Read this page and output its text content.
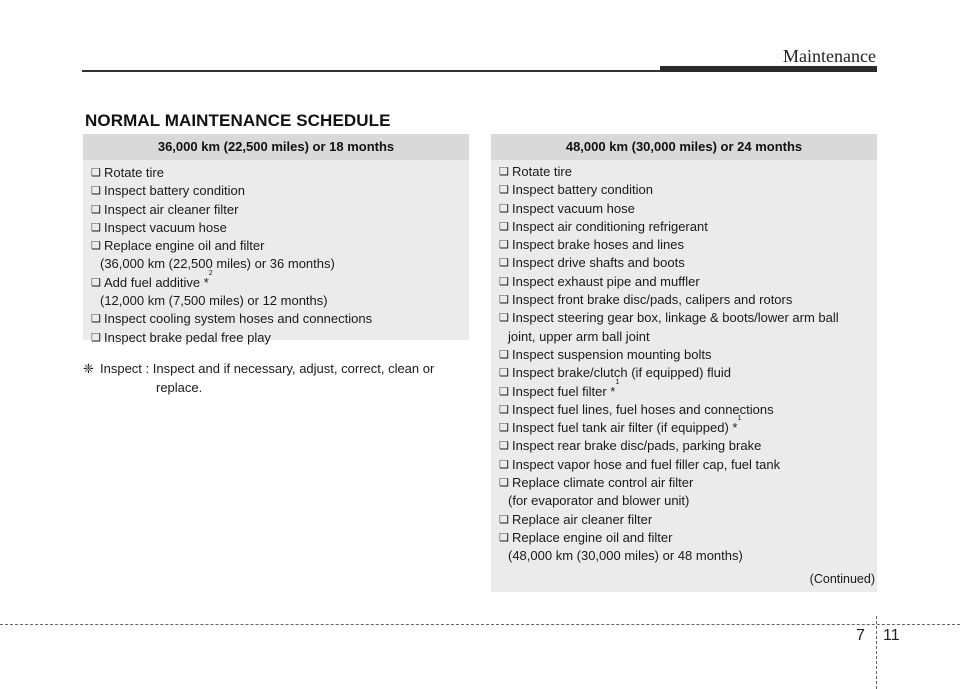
Maintenance
NORMAL MAINTENANCE SCHEDULE
36,000 km (22,500 miles) or 18 months
❑ Rotate tire
❑ Inspect battery condition
❑ Inspect air cleaner filter
❑ Inspect vacuum hose
❑ Replace engine oil and filter
(36,000 km (22,500 miles) or 36 months)
❑ Add fuel additive *
2
(12,000 km (7,500 miles) or 12 months)
❑ Inspect cooling system hoses and connections
❑ Inspect brake pedal free play
❈ Inspect : Inspect and if necessary, adjust, correct, clean or
replace.
48,000 km (30,000 miles) or 24 months
❑ Rotate tire
❑ Inspect battery condition
❑ Inspect vacuum hose
❑ Inspect air conditioning refrigerant
❑ Inspect brake hoses and lines
❑ Inspect drive shafts and boots
❑ Inspect exhaust pipe and muffler
❑ Inspect front brake disc/pads, calipers and rotors
❑ Inspect steering gear box, linkage & boots/lower arm ball
joint, upper arm ball joint
❑ Inspect suspension mounting bolts
❑ Inspect brake/clutch (if equipped) fluid
❑ Inspect fuel filter *
1
❑ Inspect fuel lines, fuel hoses and connections
❑ Inspect fuel tank air filter (if equipped) *
1
❑ Inspect rear brake disc/pads, parking brake
❑ Inspect vapor hose and fuel filler cap, fuel tank
❑ Replace climate control air filter
(for evaporator and blower unit)
❑ Replace air cleaner filter
❑ Replace engine oil and filter
(48,000 km (30,000 miles) or 48 months)
(Continued)
7 11
